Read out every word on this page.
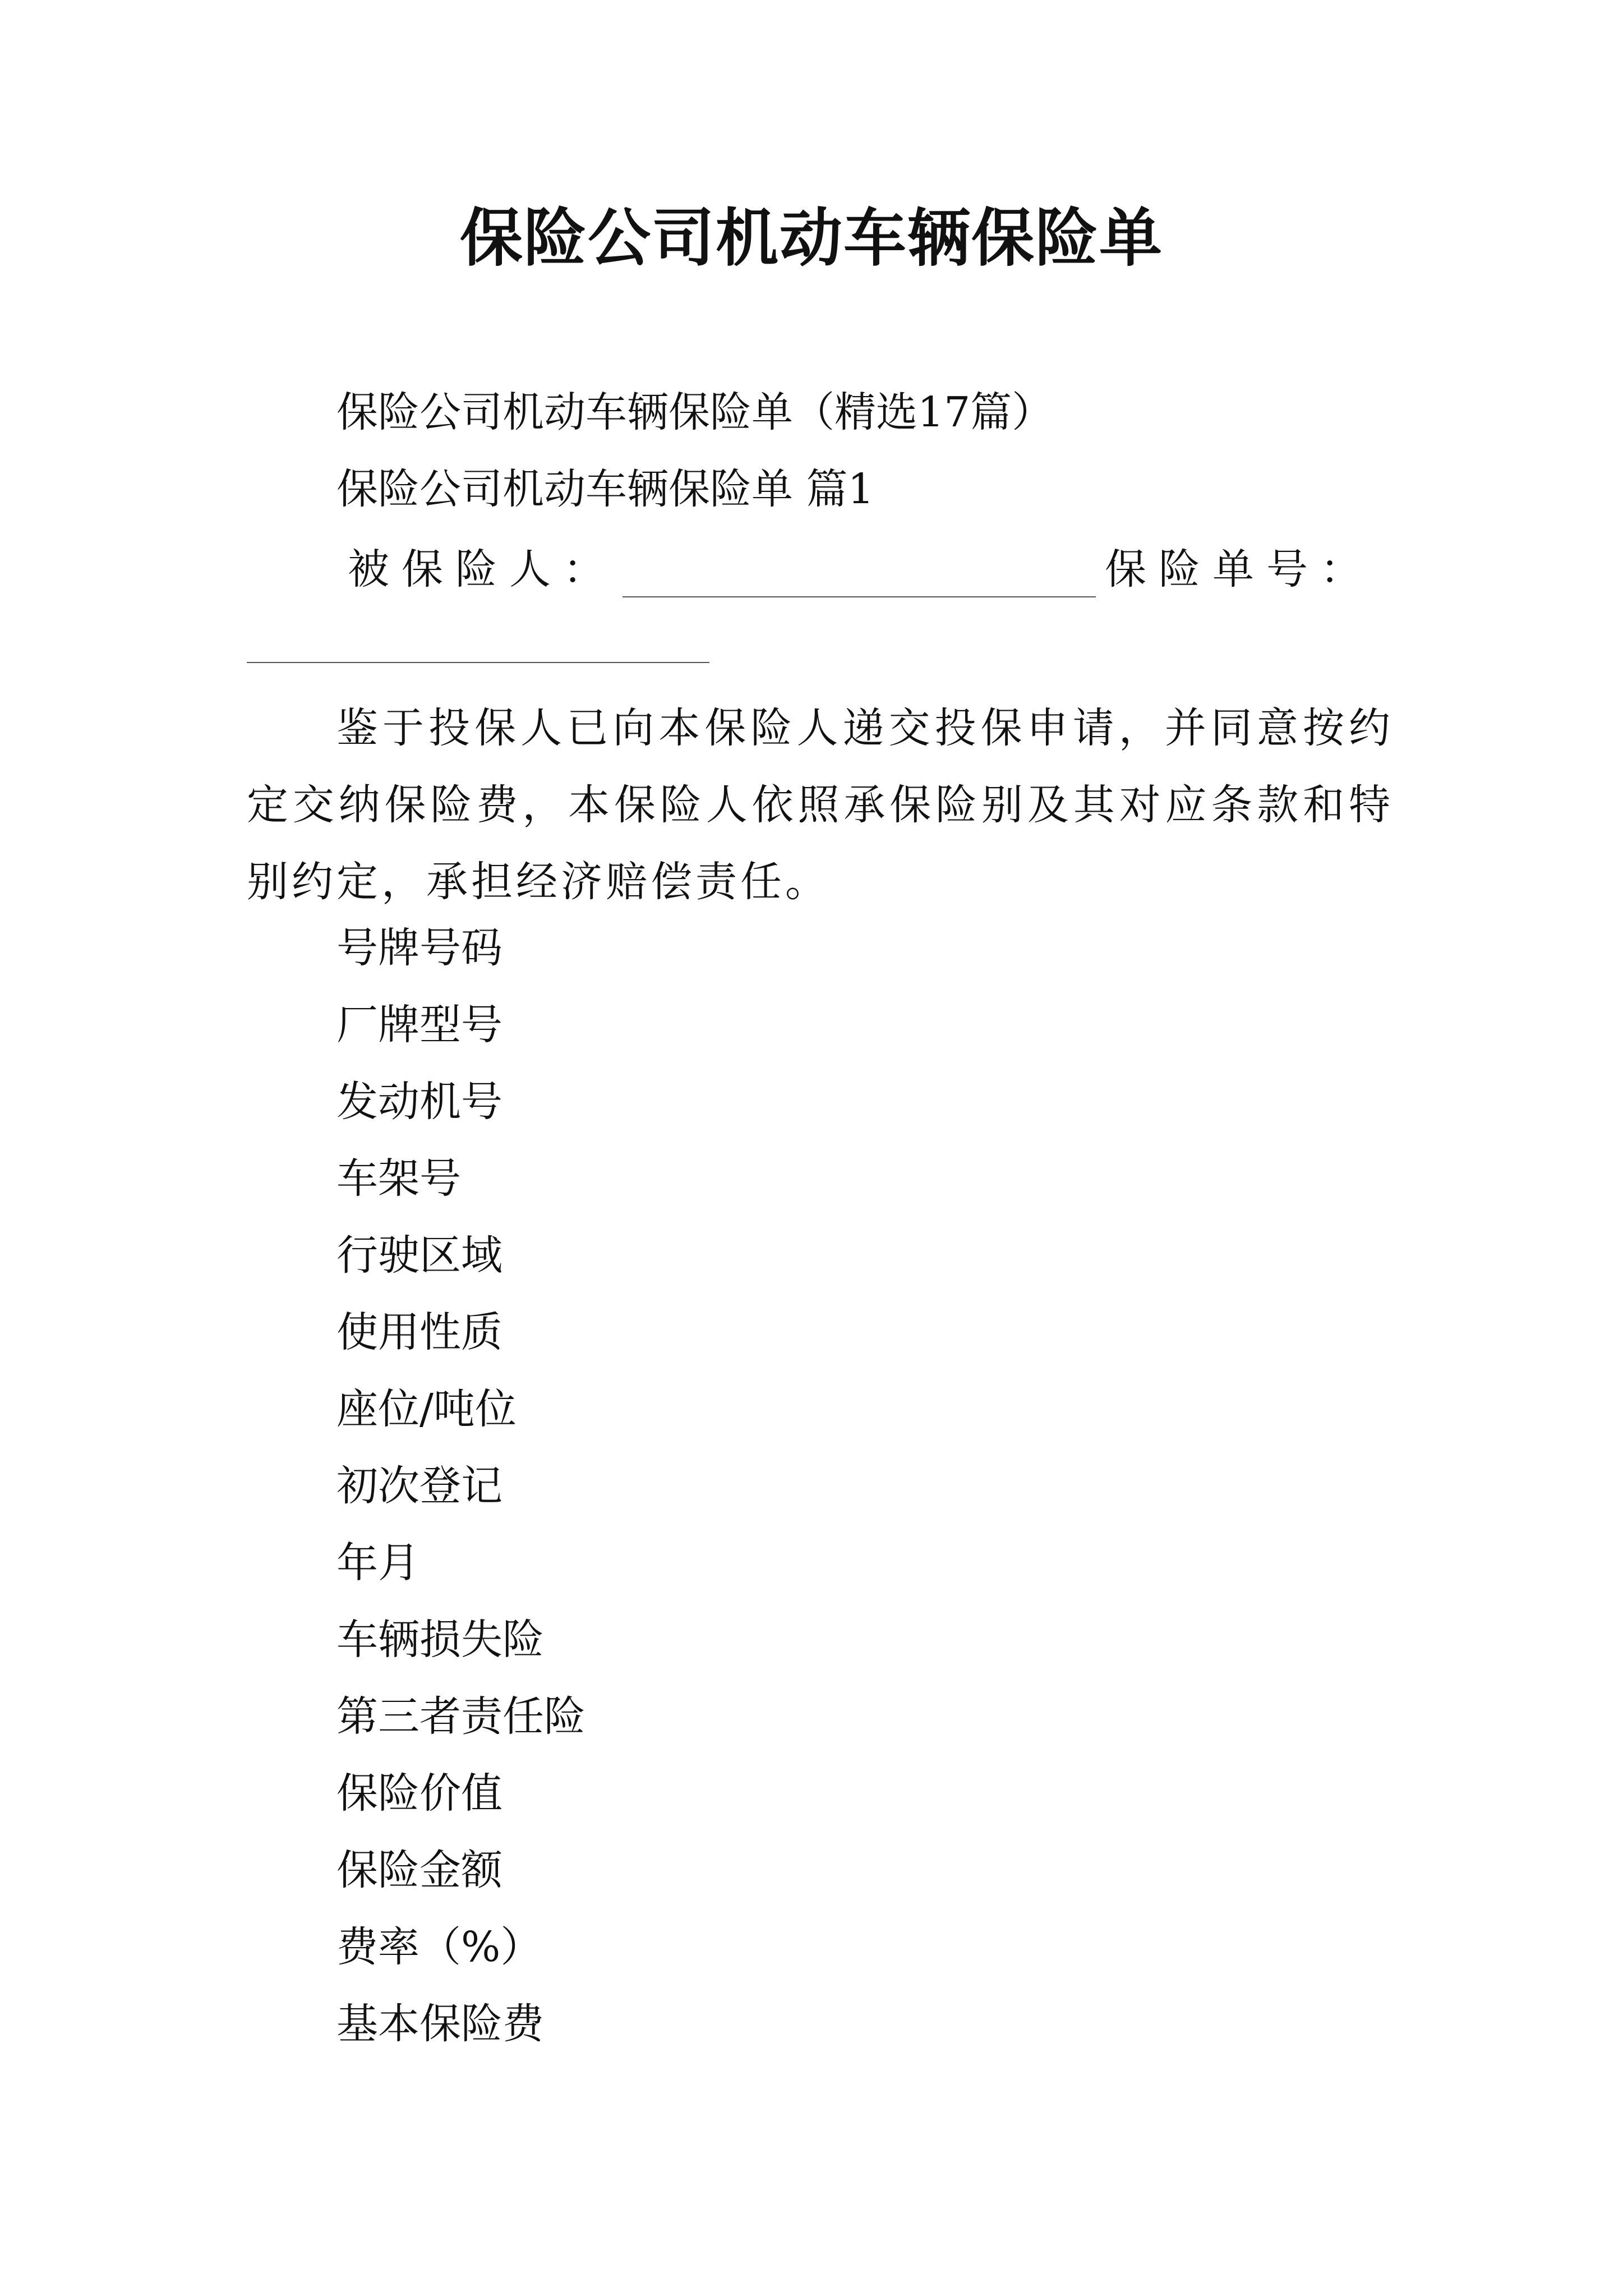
保险公司机动车辆保险单
保险公司机动车辆保险单（精选17篇）
保险公司机动车辆保险单 篇1
被保险人：	保险单号：
鉴于投保人已向本保险人递交投保申请，并同意按约定交纳保险费，本保险人依照承保险别及其对应条款和特别约定，承担经济赔偿责任。
号牌号码
厂牌型号
发动机号
车架号
行驶区域
使用性质
座位/吨位
初次登记
年月
车辆损失险
第三者责任险
保险价值
保险金额
费率（%）
基本保险费
